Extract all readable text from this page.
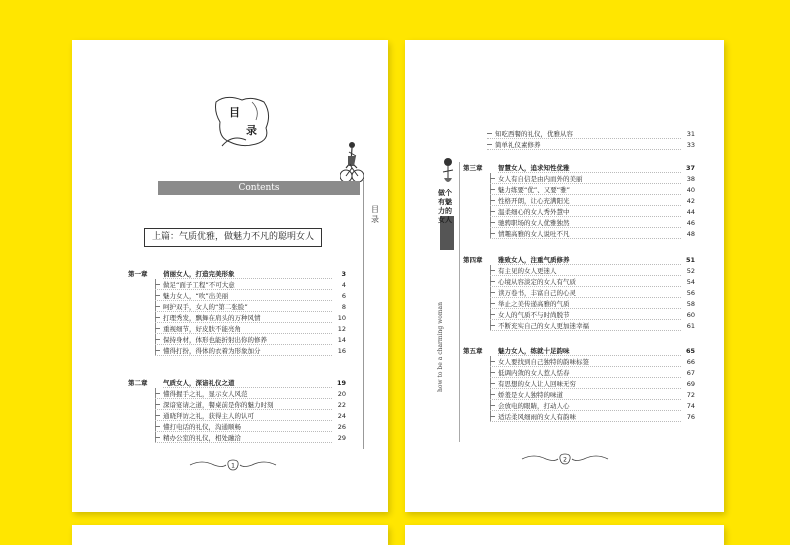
目
录
Contents
目录
上篇：气质优雅，做魅力不凡的聪明女人
第一章	俏丽女人，打造完美形象	3
做足“面子工程”不可大意	4
魅力女人，“吹”出美丽	6
呵护双手，女人的“第二张脸”	8
打理秀发，飘舞在肩头的万种风情	10
重视细节，好皮肤不能亮角	12
保持身材，体形也能折射出你的修养	14
懂得打扮，得体的衣着为形象加分	16
第二章	气质女人，深谙礼仪之道	19
懂得握手之礼，显示女人风范	20
深谙宴请之道，餐桌前是你的魅力时刻	22
通晓拜访之礼，获得主人的认可	24
懂打电话的礼仪，沟通顺畅	26
精办公室的礼仪，相处融洽	29
1
知吃西餐的礼仪，优雅从容	31
简单礼仪素修养	33
做个有魅力的女人
how to be a charming woman
第三章	智慧女人，追求知性优雅	37
女人有自信是由内而外的美丽	38
魅力练要“优”、又要“雅”	40
性格开朗，让心充满阳光	42
温柔细心的女人秀外慧中	44
驰骋职场的女人优雅独然	46
情趣高雅的女人说吐不凡	48
第四章	雅致女人，注重气质修养	51
有主见的女人更迷人	52
心境从容淡定的女人有气质	54
读万卷书，丰富自己的心灵	56
举止之美传递高雅的气质	58
女人的气质不与时尚脱节	60
不断充实自己的女人更加迷幸福	61
第五章	魅力女人，练就十足韵味	65
女人要找到自己独特的韵味标签	66
低调内敛的女人惹人恬春	67
有思想的女人让人回味无穷	69
娇羞是女人独特的味道	72
会放电的眼睛，打动人心	74
适话柔风细雨的女人有韵味	76
2
